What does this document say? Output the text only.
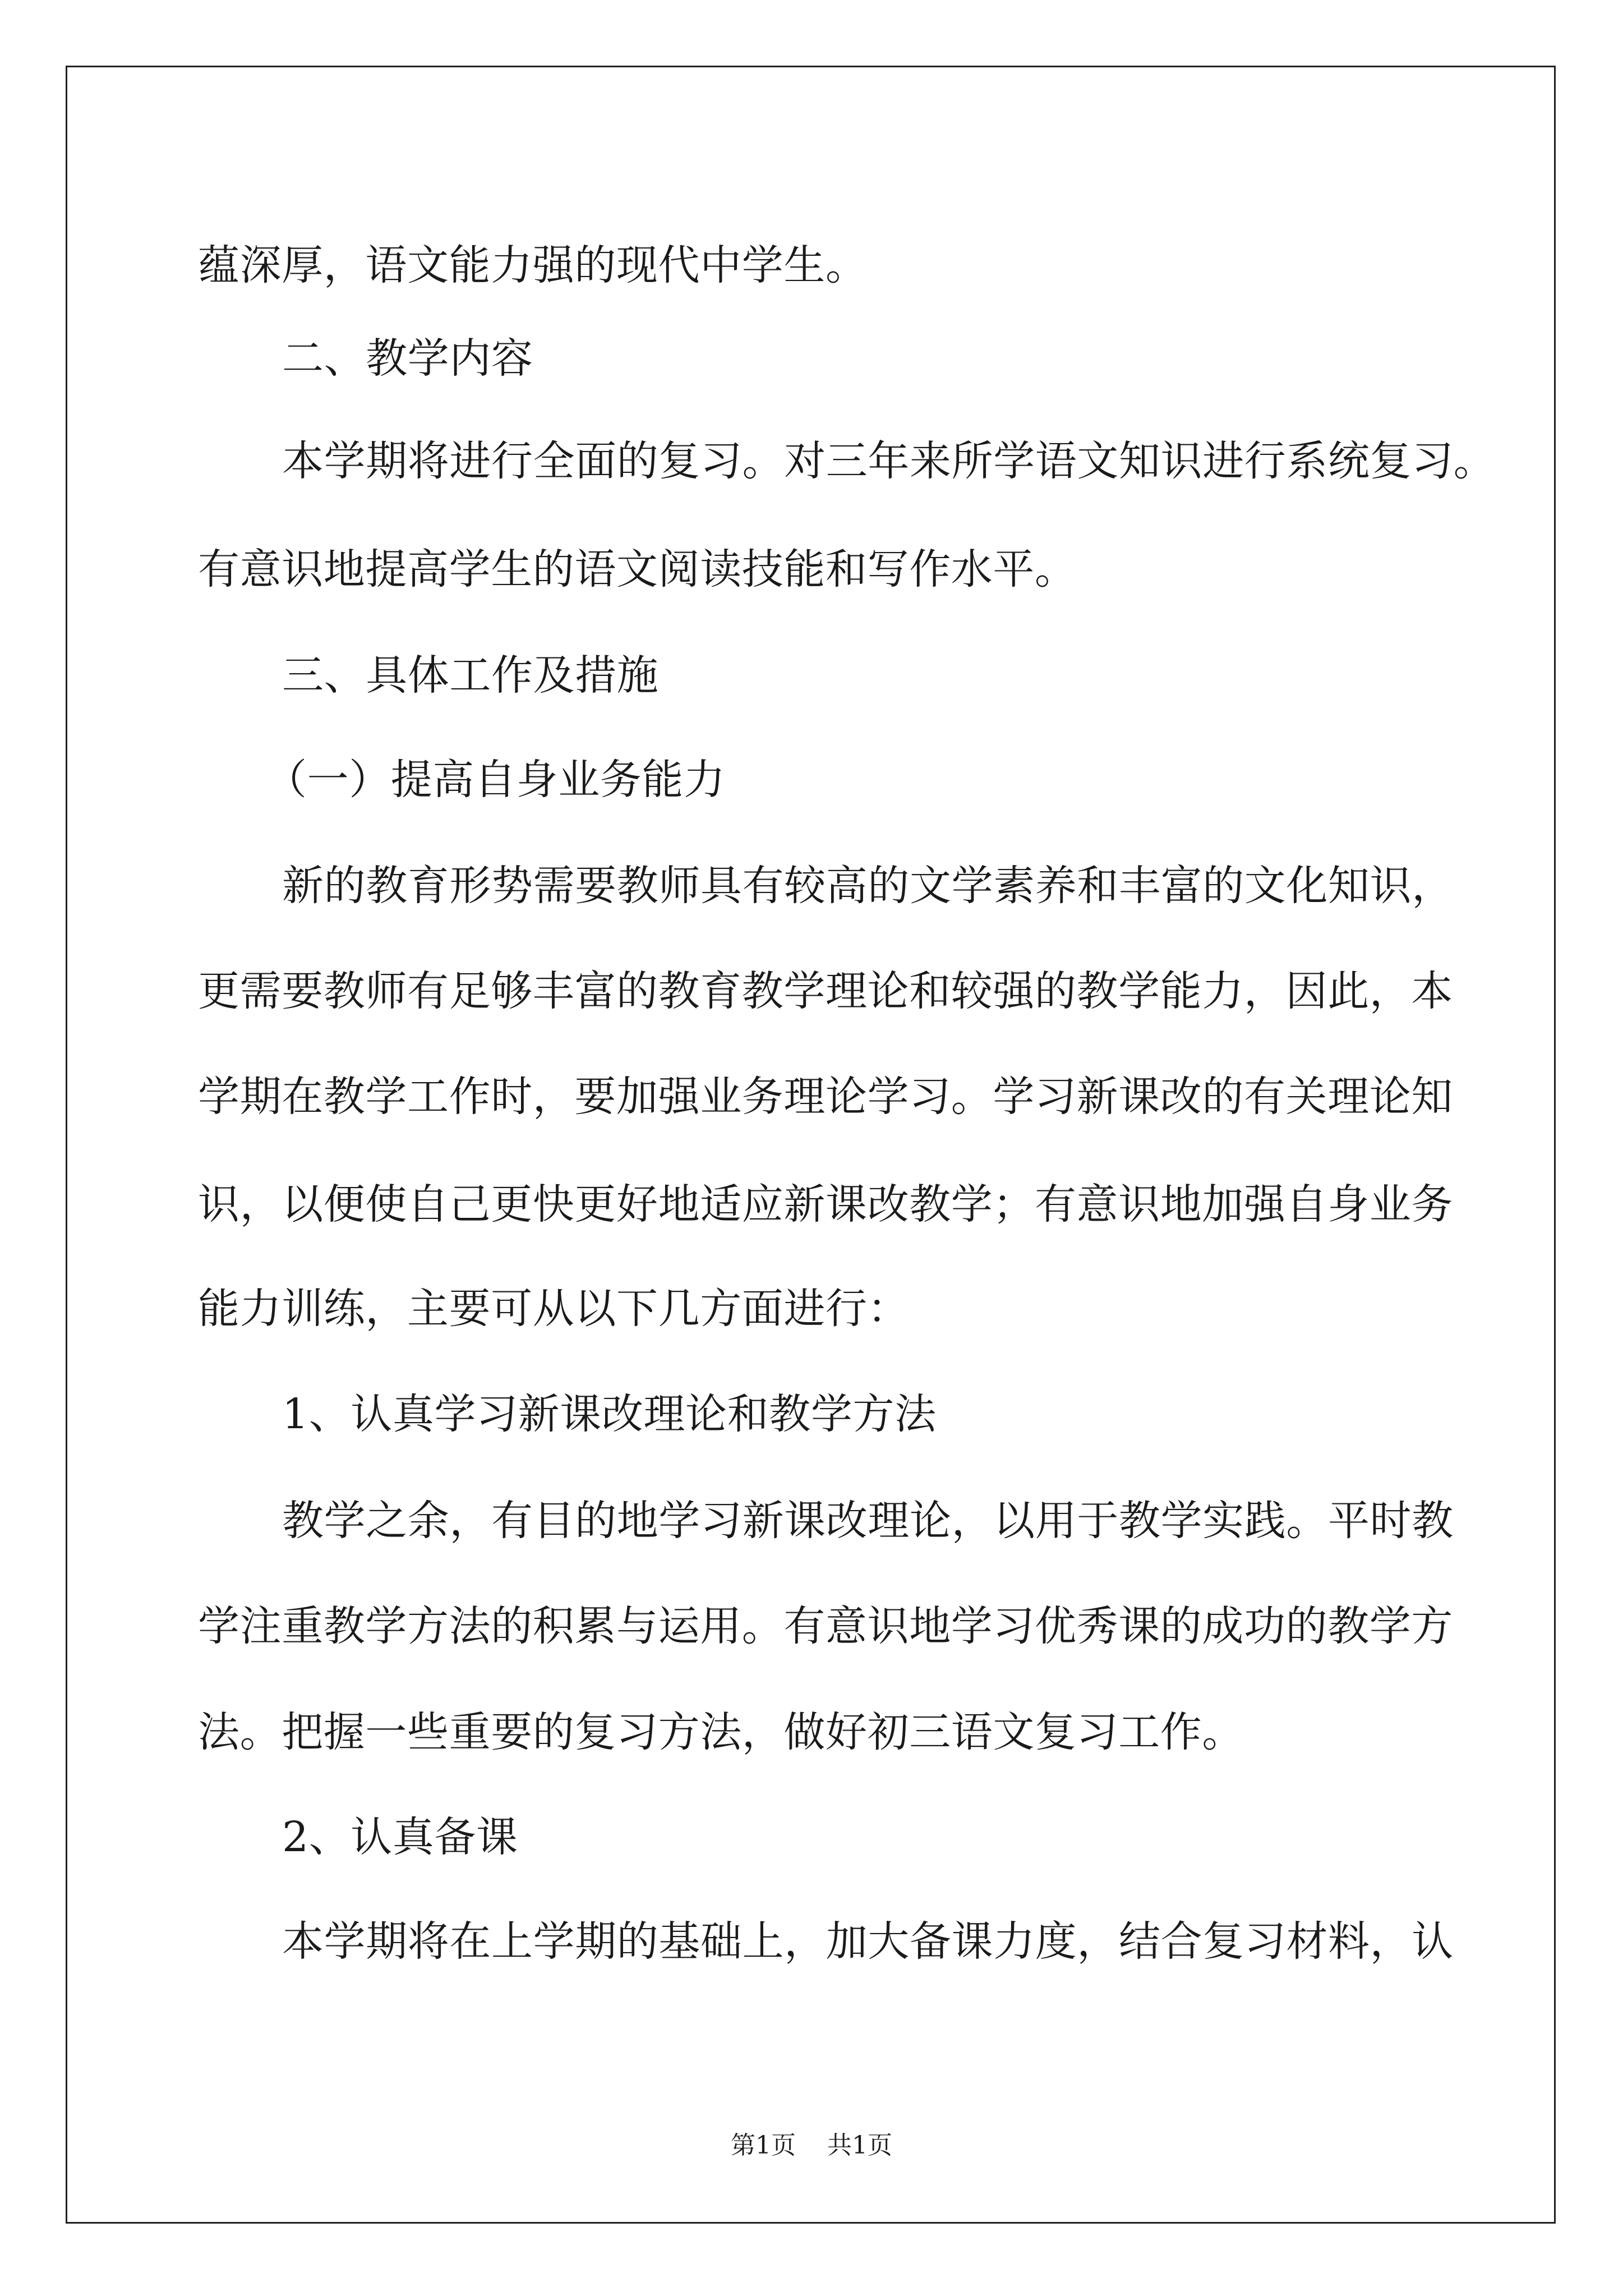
蕴深厚，语文能力强的现代中学生。
二、教学内容
本学期将进行全面的复习。对三年来所学语文知识进行系统复习。
有意识地提高学生的语文阅读技能和写作水平。
三、具体工作及措施
（一）提高自身业务能力
新的教育形势需要教师具有较高的文学素养和丰富的文化知识，
更需要教师有足够丰富的教育教学理论和较强的教学能力，因此，本
学期在教学工作时，要加强业务理论学习。学习新课改的有关理论知
识，以便使自己更快更好地适应新课改教学；有意识地加强自身业务
能力训练，主要可从以下几方面进行：
1、认真学习新课改理论和教学方法
教学之余，有目的地学习新课改理论，以用于教学实践。平时教
学注重教学方法的积累与运用。有意识地学习优秀课的成功的教学方
法。把握一些重要的复习方法，做好初三语文复习工作。
2、认真备课
本学期将在上学期的基础上，加大备课力度，结合复习材料，认
第1页 共1页
